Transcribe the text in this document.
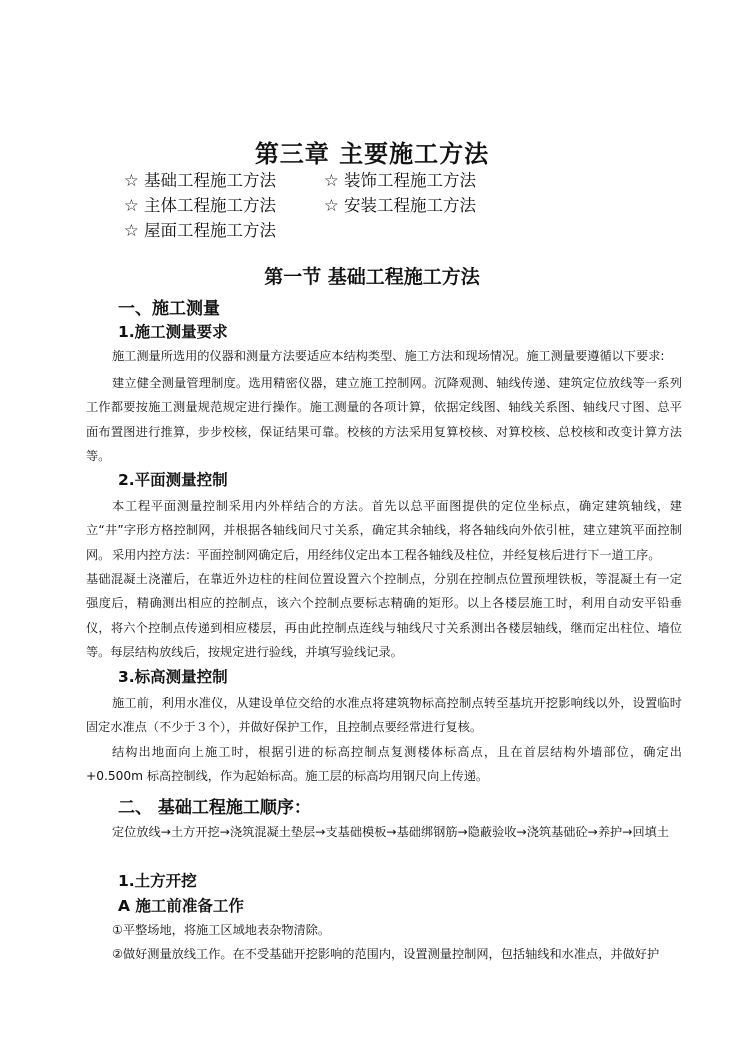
第三章 主要施工方法
☆ 基础工程施工方法	☆ 装饰工程施工方法
☆ 主体工程施工方法	☆ 安装工程施工方法
☆ 屋面工程施工方法
第一节 基础工程施工方法
一、施工测量
1.施工测量要求
施工测量所选用的仪器和测量方法要适应本结构类型、施工方法和现场情况。施工测量要遵循以下要求:
建立健全测量管理制度。选用精密仪器，建立施工控制网。沉降观测、轴线传递、建筑定位放线等一系列工作都要按施工测量规范规定进行操作。施工测量的各项计算，依据定线图、轴线关系图、轴线尺寸图、总平面布置图进行推算，步步校核，保证结果可靠。校核的方法采用复算校核、对算校核、总校核和改变计算方法等。
2.平面测量控制
本工程平面测量控制采用内外样结合的方法。首先以总平面图提供的定位坐标点，确定建筑轴线，建立“井”字形方格控制网，并根据各轴线间尺寸关系，确定其余轴线，将各轴线向外依引桩，建立建筑平面控制网。 采用内控方法：平面控制网确定后，用经纬仪定出本工程各轴线及柱位，并经复核后进行下一道工序。
基础混凝土浇灌后，在靠近外边柱的柱间位置设置六个控制点，分别在控制点位置预埋铁板，等混凝土有一定强度后，精确测出相应的控制点，该六个控制点要标志精确的矩形。以上各楼层施工时，利用自动安平铅垂仪，将六个控制点传递到相应楼层，再由此控制点连线与轴线尺寸关系测出各楼层轴线，继而定出柱位、墙位等。每层结构放线后，按规定进行验线，并填写验线记录。
3.标高测量控制
施工前，利用水准仪，从建设单位交给的水准点将建筑物标高控制点转至基坑开挖影响线以外，设置临时固定水准点（不少于３个），并做好保护工作，且控制点要经常进行复核。
结构出地面向上施工时，根据引进的标高控制点复测楼体标高点，且在首层结构外墙部位，确定出+0.500m 标高控制线，作为起始标高。施工层的标高均用钢尺向上传递。
二、 基础工程施工顺序：
定位放线→土方开挖→浇筑混凝土垫层→支基础模板→基础绑钢筋→隐蔽验收→浇筑基础砼→养护→回填土
1.土方开挖
A 施工前准备工作
①平整场地，将施工区域地表杂物清除。
②做好测量放线工作。在不受基础开挖影响的范围内，设置测量控制网，包括轴线和水准点，并做好护
